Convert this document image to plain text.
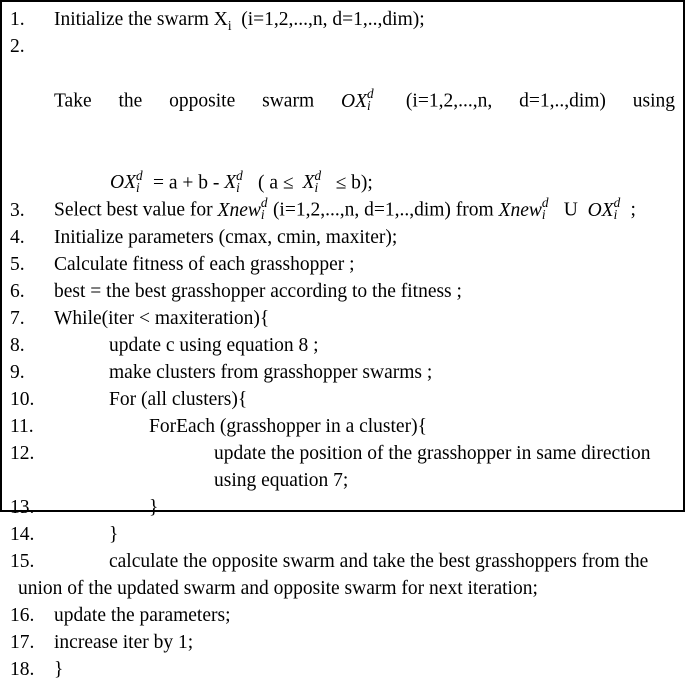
1.	Initialize the swarm $X_i$  (i=1,2,...,n, d=1,..,dim);
2.

Take the opposite swarm OX d
i (i=1,2,...,n, d=1,..,dim) using

OX d
i = a + b - X d
i ( a ≤ X d
i ≤ b);
3.	Select best value for Xnew d
i (i=1,2,...,n, d=1,..,dim) from Xnew d
i U  OX d
i ;
4.	Initialize parameters (cmax, cmin, maxiter);
5.	Calculate fitness of each grasshopper ;
6.	best = the best grasshopper according to the fitness ;
7.	While(iter < maxiteration){
8.	update c using equation 8 ;
9.	make clusters from grasshopper swarms ;
10.	For (all clusters){
11.	ForEach (grasshopper in a cluster){
12.	update the position of the grasshopper in same direction
using equation 7;
13.	}
14.	}
15.	calculate the opposite swarm and take the best grasshoppers from the
union of the updated swarm and opposite swarm for next iteration;
16.	update the parameters;
17.	increase iter by 1;
18.	}
